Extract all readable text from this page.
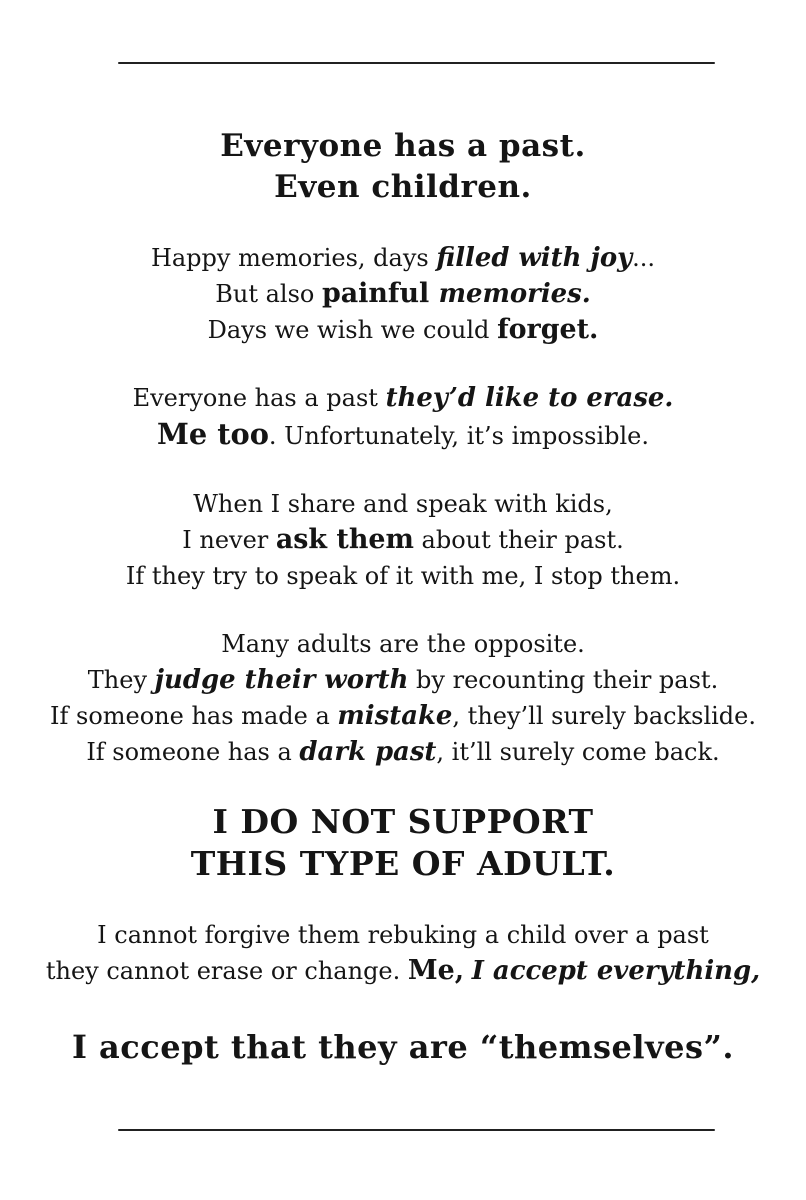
Everyone has a past.
Even children.

Happy memories, days filled with joy...
But also painful memories.
Days we wish we could forget.

Everyone has a past they’d like to erase.
Me too. Unfortunately, it’s impossible.

When I share and speak with kids,
I never ask them about their past.
If they try to speak of it with me, I stop them.

Many adults are the opposite.
They judge their worth by recounting their past.
If someone has made a mistake, they’ll surely backslide.
If someone has a dark past, it’ll surely come back.

I DO NOT SUPPORT
THIS TYPE OF ADULT.

I cannot forgive them rebuking a child over a past
they cannot erase or change. Me, I accept everything,

I accept that they are “themselves”.
